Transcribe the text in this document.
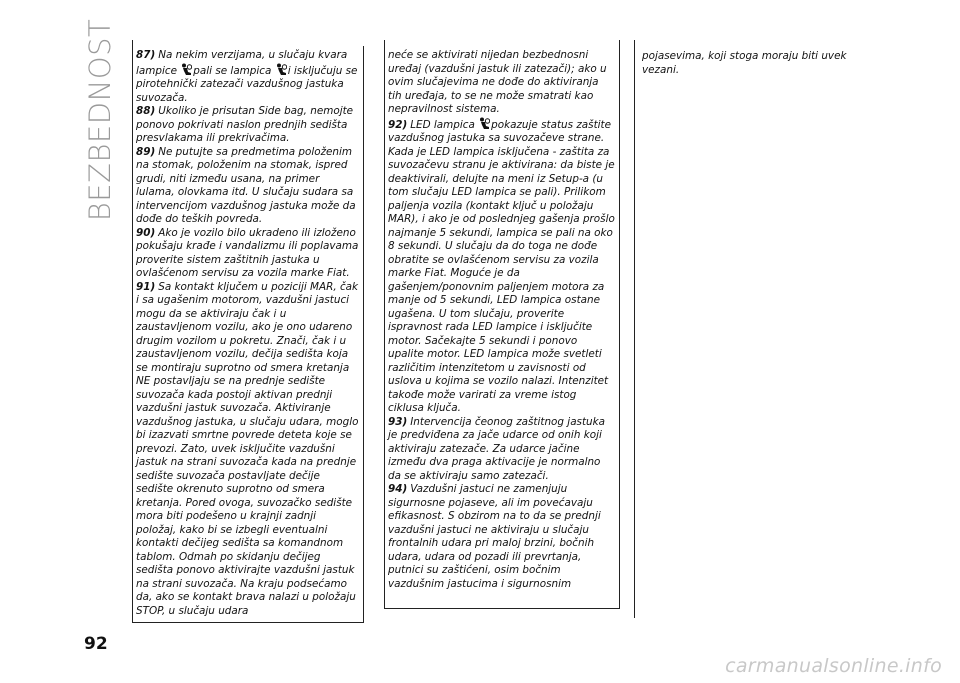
BEZBEDNOST 87) Na nekim verzijama, u slučaju kvara lampice pali se lampica i isključuju se pirotehnički zatezači vazdušnog jastuka suvozača.

88) Ukoliko je prisutan Side bag, nemojte ponovo pokrivati naslon prednjih sedišta presvlakama ili prekrivačima.

89) Ne putujte sa predmetima položenim na stomak, položenim na stomak, ispred grudi, niti između usana, na primer lulama, olovkama itd. U slučaju sudara sa intervencijom vazdušnog jastuka može da dođe do teških povreda.

90) Ako je vozilo bilo ukradeno ili izloženo pokušaju krađe i vandalizmu ili poplavama proverite sistem zaštitnih jastuka u ovlašćenom servisu za vozila marke Fiat.

91) Sa kontakt ključem u poziciji MAR, čak i sa ugašenim motorom, vazdušni jastuci mogu da se aktiviraju čak i u zaustavljenom vozilu, ako je ono udareno drugim vozilom u pokretu. Znači, čak i u zaustavljenom vozilu, dečija sedišta koja se montiraju suprotno od smera kretanja NE postavljaju se na prednje sedište suvozača kada postoji aktivan prednji vazdušni jastuk suvozača. Aktiviranje vazdušnog jastuka, u slučaju udara, moglo bi izazvati smrtne povrede deteta koje se prevozi. Zato, uvek isključite vazdušni jastuk na strani suvozača kada na prednje sedište suvozača postavljate dečije sedište okrenuto suprotno od smera kretanja. Pored ovoga, suvozačko sedište mora biti podešeno u krajnji zadnji položaj, kako bi se izbegli eventualni kontakti dečijeg sedišta sa komandnom tablom. Odmah po skidanju dečijeg sedišta ponovo aktivirajte vazdušni jastuk na strani suvozača. Na kraju podsećamo da, ako se kontakt brava nalazi u položaju STOP, u slučaju udara

neće se aktivirati nijedan bezbednosni uređaj (vazdušni jastuk ili zatezači); ako u ovim slučajevima ne dođe do aktiviranja tih uređaja, to se ne može smatrati kao nepravilnost sistema.

92) LED lampica pokazuje status zaštite vazdušnog jastuka sa suvozačeve strane. Kada je LED lampica isključena - zaštita za suvozačevu stranu je aktivirana: da biste je deaktivirali, delujte na meni iz Setup-a (u tom slučaju LED lampica se pali). Prilikom paljenja vozila (kontakt ključ u položaju MAR), i ako je od poslednjeg gašenja prošlo najmanje 5 sekundi, lampica se pali na oko 8 sekundi. U slučaju da do toga ne dođe obratite se ovlašćenom servisu za vozila marke Fiat. Moguće je da gašenjem/ponovnim paljenjem motora za manje od 5 sekundi, LED lampica ostane ugašena. U tom slučaju, proverite ispravnost rada LED lampice i isključite motor. Sačekajte 5 sekundi i ponovo upalite motor. LED lampica može svetleti različitim intenzitetom u zavisnosti od uslova u kojima se vozilo nalazi. Intenzitet takođe može varirati za vreme istog ciklusa ključa.

93) Intervencija čeonog zaštitnog jastuka je predviđena za jače udarce od onih koji aktiviraju zatezače. Za udarce jačine između dva praga aktivacije je normalno da se aktiviraju samo zatezači.

94) Vazdušni jastuci ne zamenjuju sigurnosne pojaseve, ali im povećavaju efikasnost. S obzirom na to da se prednji vazdušni jastuci ne aktiviraju u slučaju frontalnih udara pri maloj brzini, bočnih udara, udara od pozadi ili prevrtanja, putnici su zaštićeni, osim bočnim vazdušnim jastucima i sigurnosnim

pojasevima, koji stoga moraju biti uvek vezani.

92
carmanualsonline.info
